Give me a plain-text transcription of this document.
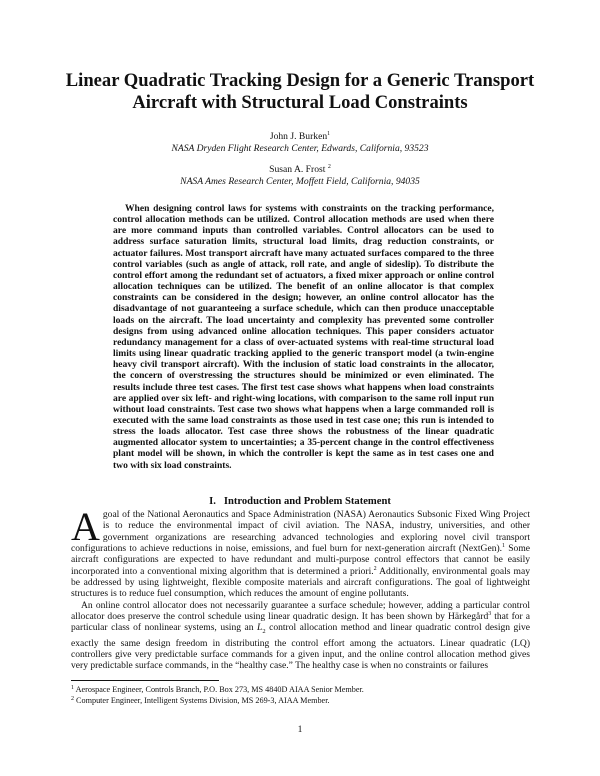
Linear Quadratic Tracking Design for a Generic Transport Aircraft with Structural Load Constraints
John J. Burken$^1$
NASA Dryden Flight Research Center, Edwards, California, 93523
Susan A. Frost $^2$
NASA Ames Research Center, Moffett Field, California, 94035

When designing control laws for systems with constraints on the tracking performance, control allocation methods can be utilized. Control allocation methods are used when there are more command inputs than controlled variables. Control allocators can be used to address surface saturation limits, structural load limits, drag reduction constraints, or actuator failures. Most transport aircraft have many actuated surfaces compared to the three control variables (such as angle of attack, roll rate, and angle of sideslip). To distribute the control effort among the redundant set of actuators, a fixed mixer approach or online control allocation techniques can be utilized. The benefit of an online allocator is that complex constraints can be considered in the design; however, an online control allocator has the disadvantage of not guaranteeing a surface schedule, which can then produce unacceptable loads on the aircraft. The load uncertainty and complexity has prevented some controller designs from using advanced online allocation techniques. This paper considers actuator redundancy management for a class of over-actuated systems with real-time structural load limits using linear quadratic tracking applied to the generic transport model (a twin-engine heavy civil transport aircraft). With the inclusion of static load constraints in the allocator, the concern of overstressing the structures should be minimized or even eliminated. The results include three test cases. The first test case shows what happens when load constraints are applied over six left- and right-wing locations, with comparison to the same roll input run without load constraints. Test case two shows what happens when a large commanded roll is executed with the same load constraints as those used in test case one; this run is intended to stress the loads allocator. Test case three shows the robustness of the linear quadratic augmented allocator system to uncertainties; a 35-percent change in the control effectiveness plant model will be shown, in which the controller is kept the same as in test cases one and two with six load constraints.

I.   Introduction and Problem Statement

A goal of the National Aeronautics and Space Administration (NASA) Aeronautics Subsonic Fixed Wing Project is to reduce the environmental impact of civil aviation. The NASA, industry, universities, and other government organizations are researching advanced technologies and exploring novel civil transport configurations to achieve reductions in noise, emissions, and fuel burn for next-generation aircraft (NextGen).$^1$ Some aircraft configurations are expected to have redundant and multi-purpose control effectors that cannot be easily incorporated into a conventional mixing algorithm that is determined a priori.$^2$ Additionally, environmental goals may be addressed by using lightweight, flexible composite materials and aircraft configurations. The goal of lightweight structures is to reduce fuel consumption, which reduces the amount of engine pollutants.

An online control allocator does not necessarily guarantee a surface schedule; however, adding a particular control allocator does preserve the control schedule using linear quadratic design. It has been shown by Härkegård$^3$ that for a particular class of nonlinear systems, using an $L_2$ control allocation method and linear quadratic control design give exactly the same design freedom in distributing the control effort among the actuators. Linear quadratic (LQ) controllers give very predictable surface commands for a given input, and the online control allocation method gives very predictable surface commands, in the “healthy case.” The healthy case is when no constraints or failures

$^1$ Aerospace Engineer, Controls Branch, P.O. Box 273, MS 4840D AIAA Senior Member.
$^2$ Computer Engineer, Intelligent Systems Division, MS 269-3, AIAA Member.
1
